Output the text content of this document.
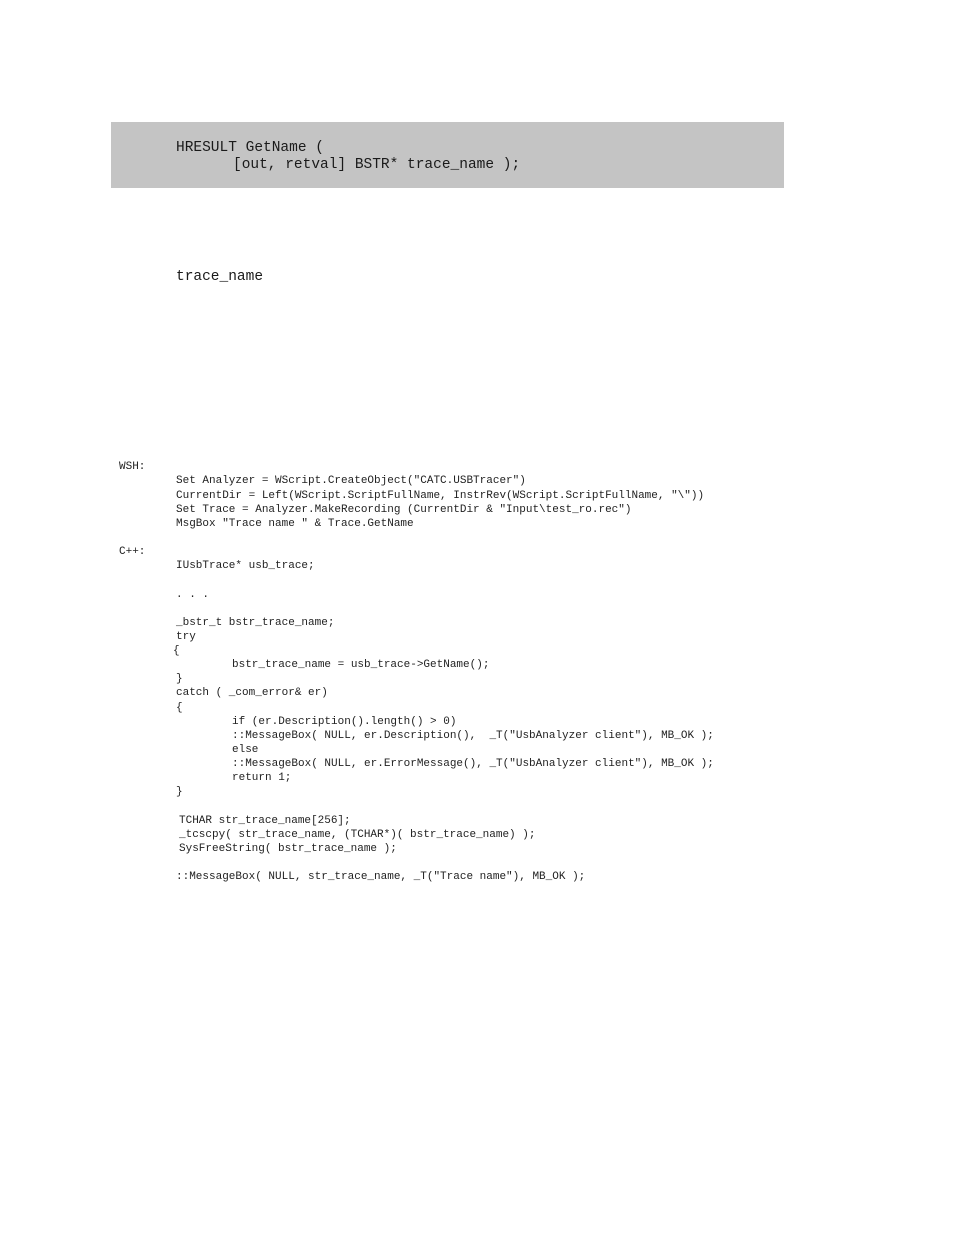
HRESULT GetName (
[out, retval] BSTR* trace_name );
trace_name
WSH:
Set Analyzer = WScript.CreateObject("CATC.USBTracer")
CurrentDir = Left(WScript.ScriptFullName, InstrRev(WScript.ScriptFullName, "\"))
Set Trace = Analyzer.MakeRecording (CurrentDir & "Input\test_ro.rec")
MsgBox "Trace name " & Trace.GetName
C++:
IUsbTrace* usb_trace;
. . .
_bstr_t bstr_trace_name;
try
{
bstr_trace_name = usb_trace->GetName();
}
catch ( _com_error& er)
{
if (er.Description().length() > 0)
::MessageBox( NULL, er.Description(),  _T("UsbAnalyzer client"), MB_OK );
else
::MessageBox( NULL, er.ErrorMessage(), _T("UsbAnalyzer client"), MB_OK );
return 1;
}
TCHAR str_trace_name[256];
_tcscpy( str_trace_name, (TCHAR*)( bstr_trace_name) );
SysFreeString( bstr_trace_name );
::MessageBox( NULL, str_trace_name, _T("Trace name"), MB_OK );
